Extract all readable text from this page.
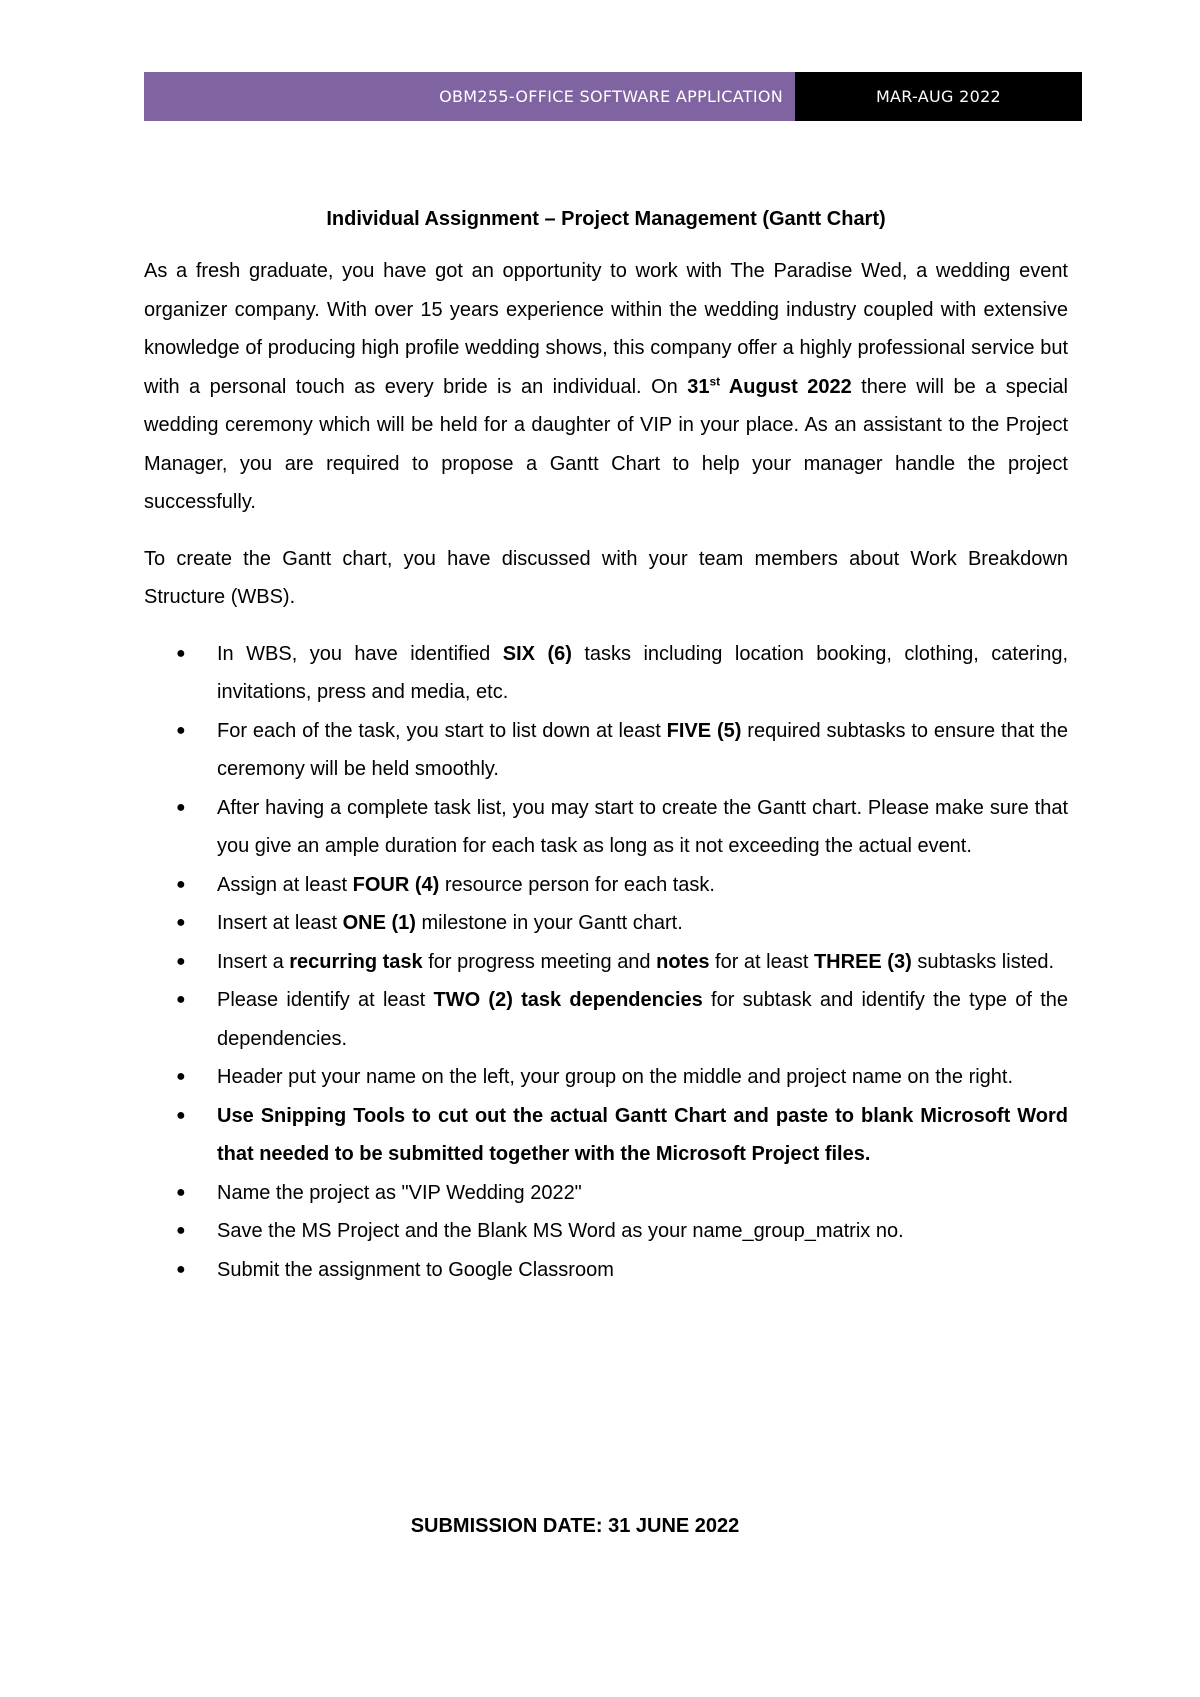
OBM255-OFFICE SOFTWARE APPLICATION	MAR-AUG 2022
Individual Assignment – Project Management (Gantt Chart)

As a fresh graduate, you have got an opportunity to work with The Paradise Wed, a wedding event organizer company. With over 15 years experience within the wedding industry coupled with extensive knowledge of producing high profile wedding shows, this company offer a highly professional service but with a personal touch as every bride is an individual. On 31st August 2022 there will be a special wedding ceremony which will be held for a daughter of VIP in your place. As an assistant to the Project Manager, you are required to propose a Gantt Chart to help your manager handle the project successfully.

To create the Gantt chart, you have discussed with your team members about Work Breakdown Structure (WBS).

● In WBS, you have identified SIX (6) tasks including location booking, clothing, catering, invitations, press and media, etc.
● For each of the task, you start to list down at least FIVE (5) required subtasks to ensure that the ceremony will be held smoothly.
● After having a complete task list, you may start to create the Gantt chart. Please make sure that you give an ample duration for each task as long as it not exceeding the actual event.
● Assign at least FOUR (4) resource person for each task.
● Insert at least ONE (1) milestone in your Gantt chart.
● Insert a recurring task for progress meeting and notes for at least THREE (3) subtasks listed.
● Please identify at least TWO (2) task dependencies for subtask and identify the type of the dependencies.
● Header put your name on the left, your group on the middle and project name on the right.
● Use Snipping Tools to cut out the actual Gantt Chart and paste to blank Microsoft Word that needed to be submitted together with the Microsoft Project files.
● Name the project as "VIP Wedding 2022"
● Save the MS Project and the Blank MS Word as your name_group_matrix no.
● Submit the assignment to Google Classroom
SUBMISSION DATE: 31 JUNE 2022
